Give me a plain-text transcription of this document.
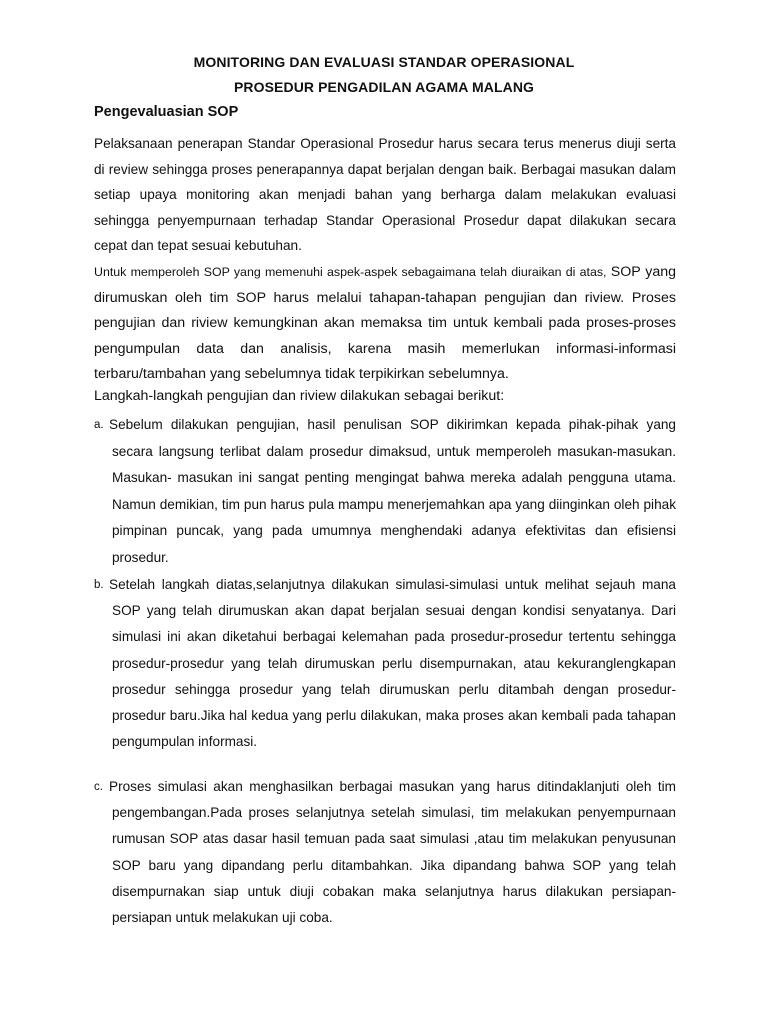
MONITORING DAN EVALUASI STANDAR OPERASIONAL
PROSEDUR PENGADILAN AGAMA MALANG
Pengevaluasian SOP
Pelaksanaan penerapan Standar Operasional Prosedur harus secara terus menerus diuji serta di review sehingga proses penerapannya dapat berjalan dengan baik. Berbagai masukan dalam setiap upaya monitoring akan menjadi bahan yang berharga dalam melakukan evaluasi sehingga penyempurnaan terhadap Standar Operasional Prosedur dapat dilakukan secara cepat dan tepat sesuai kebutuhan.
Untuk memperoleh SOP yang memenuhi aspek-aspek sebagaimana telah diuraikan di atas, SOP yang dirumuskan oleh tim SOP harus melalui tahapan-tahapan pengujian dan riview. Proses pengujian dan riview kemungkinan akan memaksa tim untuk kembali pada proses-proses pengumpulan data dan analisis, karena masih memerlukan informasi-informasi terbaru/tambahan yang sebelumnya tidak terpikirkan sebelumnya.
Langkah-langkah pengujian dan riview dilakukan sebagai berikut:
a. Sebelum dilakukan pengujian, hasil penulisan SOP dikirimkan kepada pihak-pihak yang secara langsung terlibat dalam prosedur dimaksud, untuk memperoleh masukan-masukan. Masukan- masukan ini sangat penting mengingat bahwa mereka adalah pengguna utama. Namun demikian, tim pun harus pula mampu menerjemahkan apa yang diinginkan oleh pihak pimpinan puncak, yang pada umumnya menghendaki adanya efektivitas dan efisiensi prosedur.
b. Setelah langkah diatas,selanjutnya dilakukan simulasi-simulasi untuk melihat sejauh mana SOP yang telah dirumuskan akan dapat berjalan sesuai dengan kondisi senyatanya. Dari simulasi ini akan diketahui berbagai kelemahan pada prosedur-prosedur tertentu sehingga prosedur-prosedur yang telah dirumuskan perlu disempurnakan, atau kekuranglengkapan prosedur sehingga prosedur yang telah dirumuskan perlu ditambah dengan prosedur-prosedur baru.Jika hal kedua yang perlu dilakukan, maka proses akan kembali pada tahapan pengumpulan informasi.
c. Proses simulasi akan menghasilkan berbagai masukan yang harus ditindaklanjuti oleh tim pengembangan.Pada proses selanjutnya setelah simulasi, tim melakukan penyempurnaan rumusan SOP atas dasar hasil temuan pada saat simulasi ,atau tim melakukan penyusunan SOP baru yang dipandang perlu ditambahkan. Jika dipandang bahwa SOP yang telah disempurnakan siap untuk diuji cobakan maka selanjutnya harus dilakukan persiapan-persiapan untuk melakukan uji coba.
